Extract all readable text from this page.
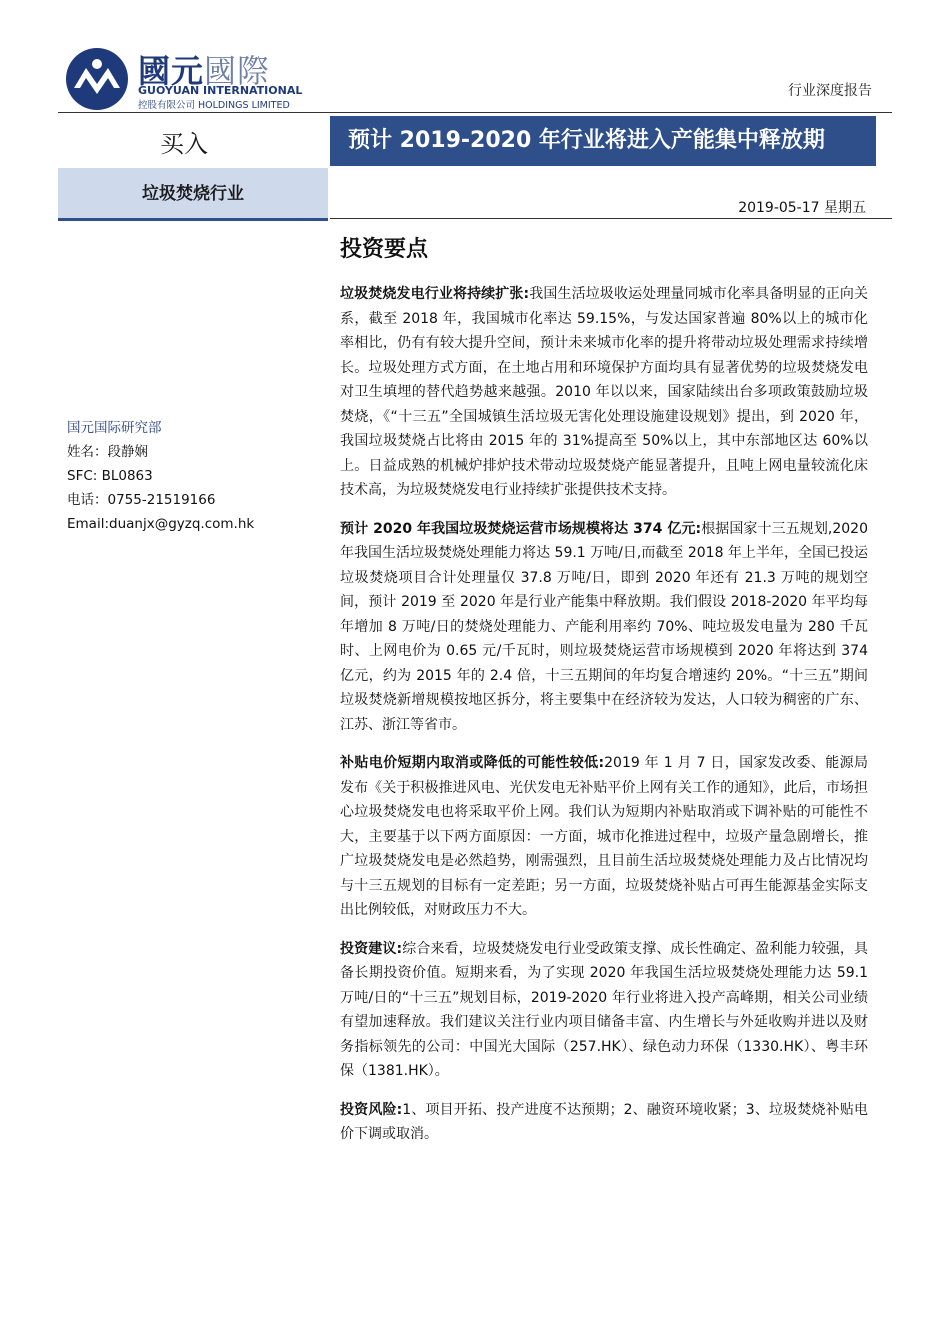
國元國際
GUOYUAN INTERNATIONAL
控股有限公司 HOLDINGS LIMITED
行业深度报告
买入	预计 2019-2020 年行业将进入产能集中释放期
垃圾焚烧行业
2019-05-17 星期五
投资要点
国元国际研究部
姓名：段静娴
SFC: BL0863
电话：0755-21519166
Email:duanjx@gyzq.com.hk

垃圾焚烧发电行业将持续扩张:我国生活垃圾收运处理量同城市化率具备明显的正向关系，截至 2018 年，我国城市化率达 59.15%，与发达国家普遍 80%以上的城市化率相比，仍有有较大提升空间，预计未来城市化率的提升将带动垃圾处理需求持续增长。垃圾处理方式方面，在土地占用和环境保护方面均具有显著优势的垃圾焚烧发电对卫生填埋的替代趋势越来越强。2010 年以以来，国家陆续出台多项政策鼓励垃圾焚烧，《“十三五”全国城镇生活垃圾无害化处理设施建设规划》提出，到 2020 年，我国垃圾焚烧占比将由 2015 年的 31%提高至 50%以上，其中东部地区达 60%以上。日益成熟的机械炉排炉技术带动垃圾焚烧产能显著提升，且吨上网电量较流化床技术高，为垃圾焚烧发电行业持续扩张提供技术支持。

预计 2020 年我国垃圾焚烧运营市场规模将达 374 亿元:根据国家十三五规划,2020 年我国生活垃圾焚烧处理能力将达 59.1 万吨/日,而截至 2018 年上半年，全国已投运垃圾焚烧项目合计处理量仅 37.8 万吨/日，即到 2020 年还有 21.3 万吨的规划空间，预计 2019 至 2020 年是行业产能集中释放期。我们假设 2018-2020 年平均每年增加 8 万吨/日的焚烧处理能力、产能利用率约 70%、吨垃圾发电量为 280 千瓦时、上网电价为 0.65 元/千瓦时，则垃圾焚烧运营市场规模到 2020 年将达到 374 亿元，约为 2015 年的 2.4 倍，十三五期间的年均复合增速约 20%。“十三五”期间垃圾焚烧新增规模按地区拆分，将主要集中在经济较为发达，人口较为稠密的广东、江苏、浙江等省市。

补贴电价短期内取消或降低的可能性较低:2019 年 1 月 7 日，国家发改委、能源局发布《关于积极推进风电、光伏发电无补贴平价上网有关工作的通知》，此后，市场担心垃圾焚烧发电也将采取平价上网。我们认为短期内补贴取消或下调补贴的可能性不大，主要基于以下两方面原因：一方面，城市化推进过程中，垃圾产量急剧增长，推广垃圾焚烧发电是必然趋势，刚需强烈，且目前生活垃圾焚烧处理能力及占比情况均与十三五规划的目标有一定差距；另一方面，垃圾焚烧补贴占可再生能源基金实际支出比例较低，对财政压力不大。

投资建议:综合来看，垃圾焚烧发电行业受政策支撑、成长性确定、盈利能力较强，具备长期投资价值。短期来看，为了实现 2020 年我国生活垃圾焚烧处理能力达 59.1 万吨/日的“十三五”规划目标，2019-2020 年行业将进入投产高峰期，相关公司业绩有望加速释放。我们建议关注行业内项目储备丰富、内生增长与外延收购并进以及财务指标领先的公司：中国光大国际（257.HK）、绿色动力环保（1330.HK）、粤丰环保（1381.HK）。

投资风险:1、项目开拓、投产进度不达预期；2、融资环境收紧；3、垃圾焚烧补贴电价下调或取消。
